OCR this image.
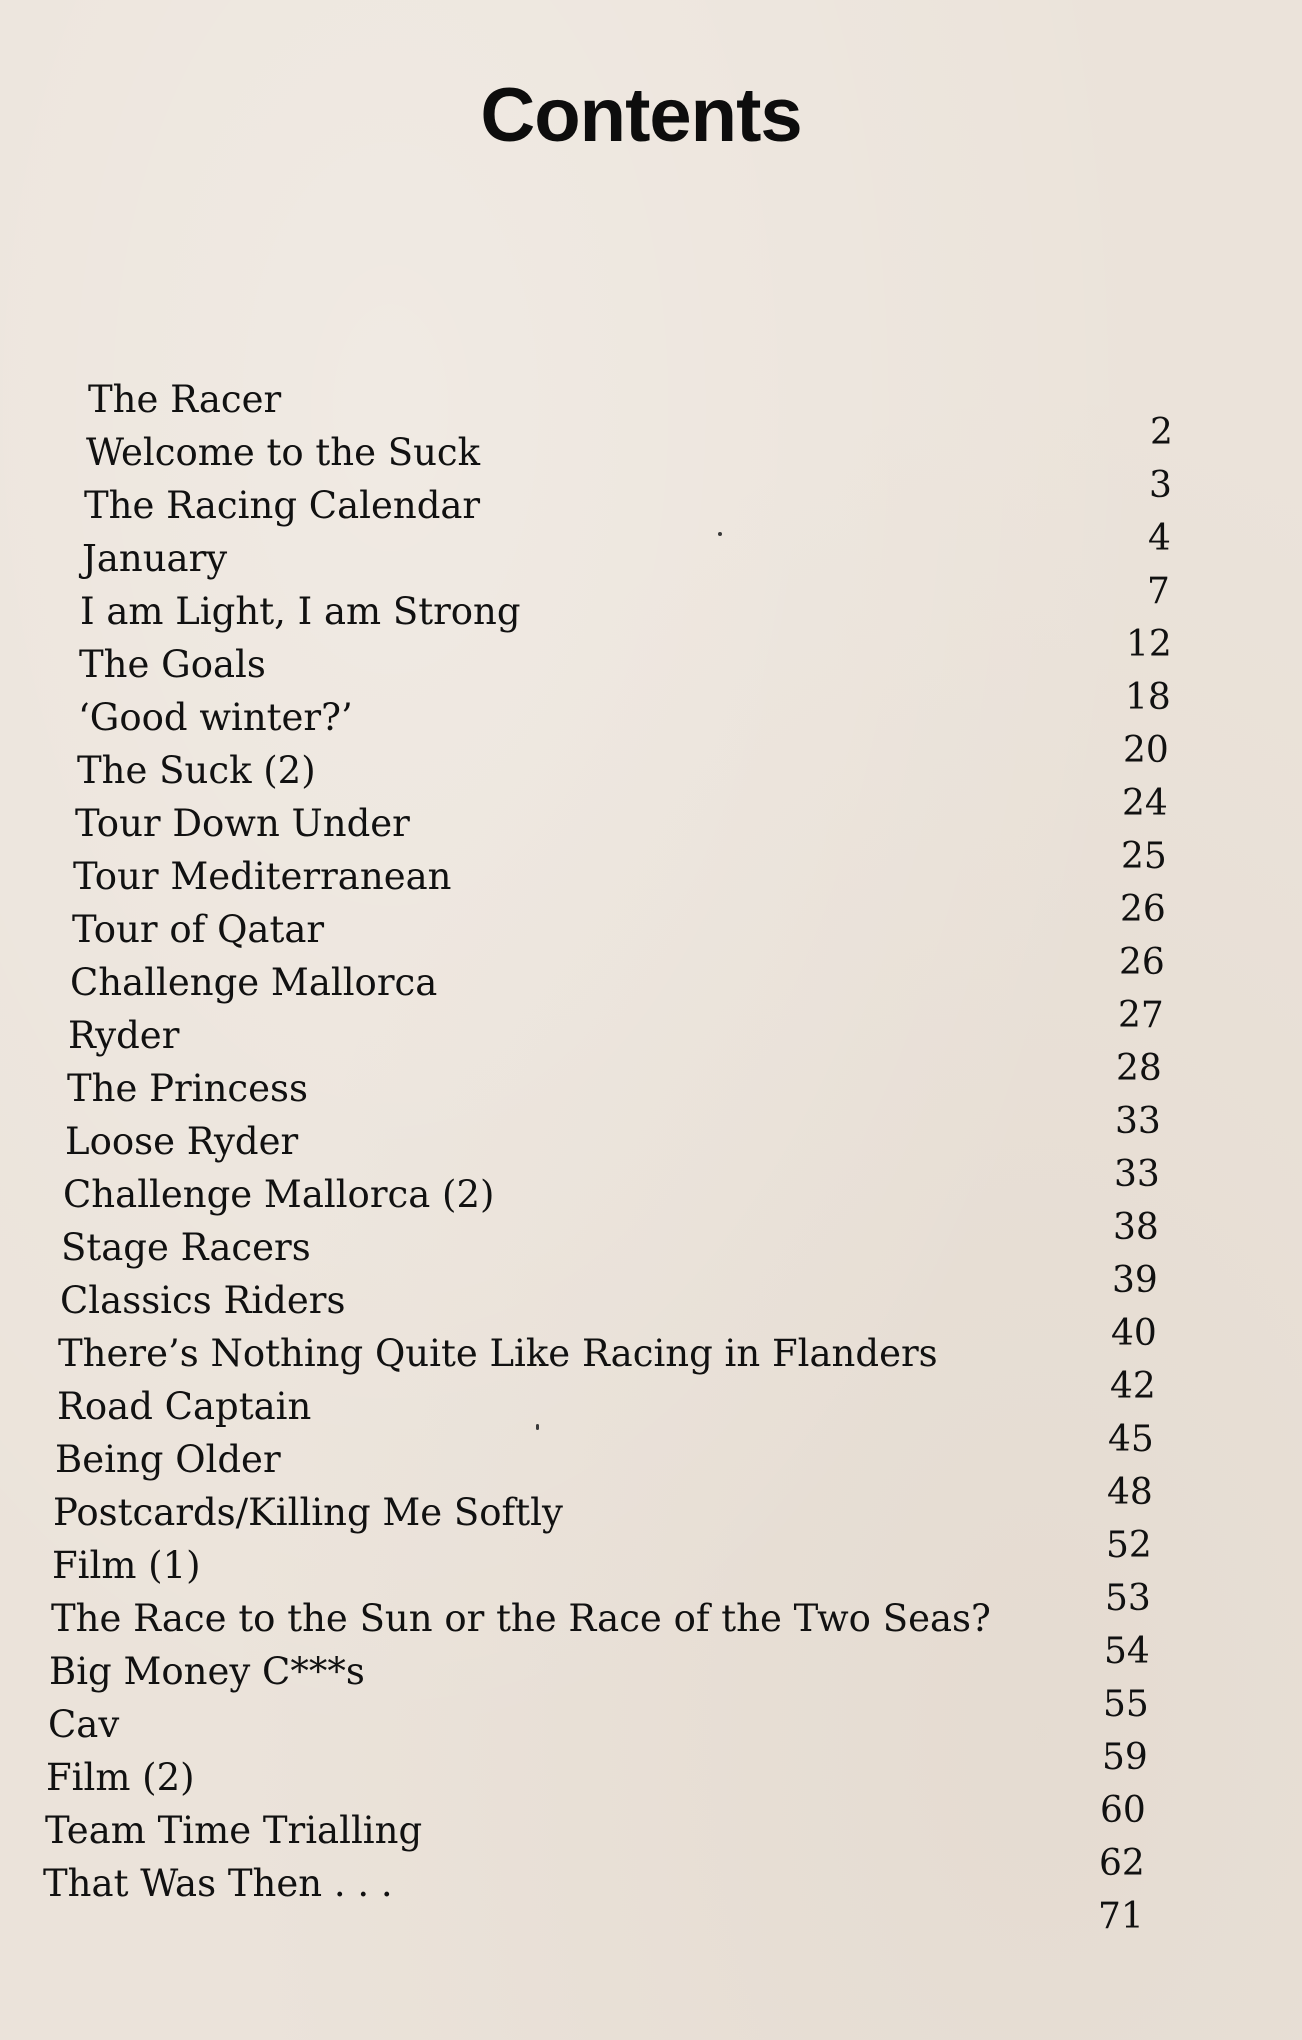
Contents
The Racer
Welcome to the Suck
The Racing Calendar
January
I am Light, I am Strong
The Goals
‘Good winter?’
The Suck (2)
Tour Down Under
Tour Mediterranean
Tour of Qatar
Challenge Mallorca
Ryder
The Princess
Loose Ryder
Challenge Mallorca (2)
Stage Racers
Classics Riders
There’s Nothing Quite Like Racing in Flanders
Road Captain
Being Older
Postcards/Killing Me Softly
Film (1)
The Race to the Sun or the Race of the Two Seas?
Big Money C***s
Cav
Film (2)
Team Time Trialling
That Was Then . . .
2
3
4
7
12
18
20
24
25
26
26
27
28
33
33
38
39
40
42
45
48
52
53
54
55
59
60
62
71
